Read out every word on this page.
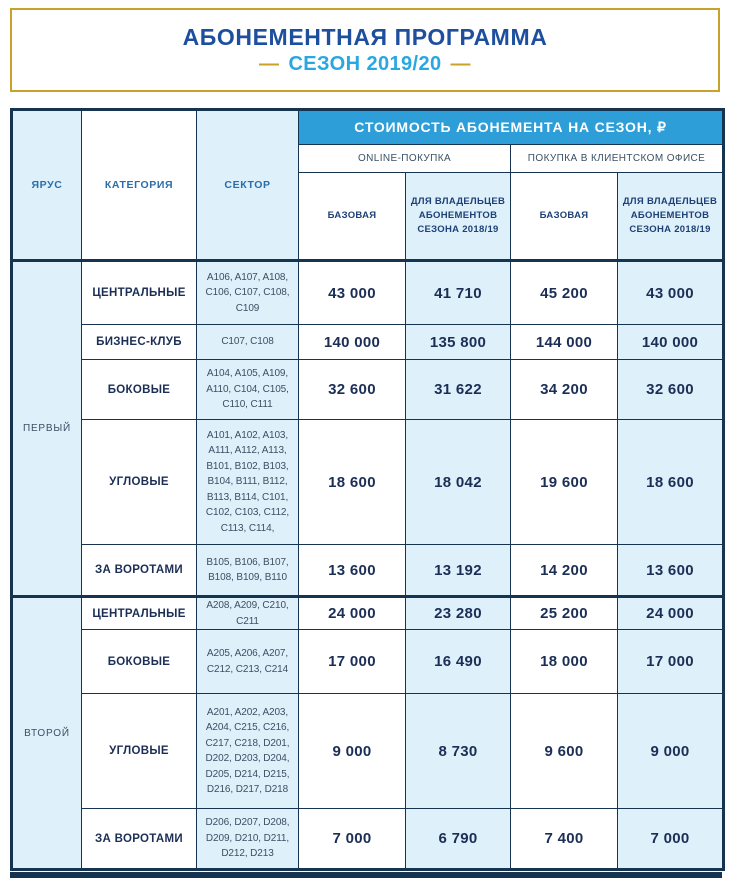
АБОНЕМЕНТНАЯ ПРОГРАММА
— СЕЗОН 2019/20 —
ЯРУС	КАТЕГОРИЯ	СЕКТОР	СТОИМОСТЬ АБОНЕМЕНТА НА СЕЗОН, ₽			
			ONLINE-ПОКУПКА		ПОКУПКА В КЛИЕНТСКОМ ОФИСЕ	
			БАЗОВАЯ	ДЛЯ ВЛАДЕЛЬЦЕВ АБОНЕМЕНТОВ СЕЗОНА 2018/19	БАЗОВАЯ	ДЛЯ ВЛАДЕЛЬЦЕВ АБОНЕМЕНТОВ СЕЗОНА 2018/19
ПЕРВЫЙ	ЦЕНТРАЛЬНЫЕ	A106, A107, A108, C106, C107, C108, C109	43 000	41 710	45 200	43 000
	БИЗНЕС-КЛУБ	C107, C108	140 000	135 800	144 000	140 000
	БОКОВЫЕ	A104, A105, A109, A110, C104, C105, C110, C111	32 600	31 622	34 200	32 600
	УГЛОВЫЕ	A101, A102, A103, A111, A112, A113, B101, B102, B103, B104, B111, B112, B113, B114, C101, C102, C103, C112, C113, C114,	18 600	18 042	19 600	18 600
	ЗА ВОРОТАМИ	B105, B106, B107, B108, B109, B110	13 600	13 192	14 200	13 600
ВТОРОЙ	ЦЕНТРАЛЬНЫЕ	A208, A209, C210, C211	24 000	23 280	25 200	24 000
	БОКОВЫЕ	A205, A206, A207, C212, C213, C214	17 000	16 490	18 000	17 000
	УГЛОВЫЕ	A201, A202, A203, A204, C215, C216, C217, C218, D201, D202, D203, D204, D205, D214, D215, D216, D217, D218	9 000	8 730	9 600	9 000
	ЗА ВОРОТАМИ	D206, D207, D208, D209, D210, D211, D212, D213	7 000	6 790	7 400	7 000
